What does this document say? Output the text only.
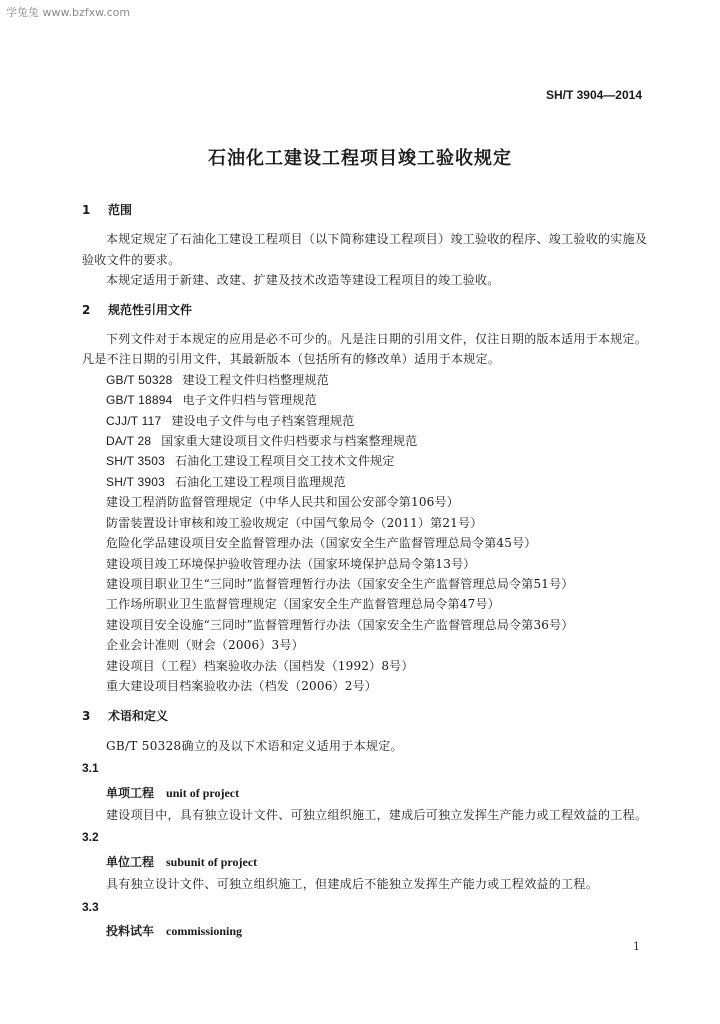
学兔兔 www.bzfxw.com
SH/T 3904—2014
石油化工建设工程项目竣工验收规定
1 范围

本规定规定了石油化工建设工程项目（以下简称建设工程项目）竣工验收的程序、竣工验收的实施及验收文件的要求。

本规定适用于新建、改建、扩建及技术改造等建设工程项目的竣工验收。

2 规范性引用文件

下列文件对于本规定的应用是必不可少的。凡是注日期的引用文件，仅注日期的版本适用于本规定。凡是不注日期的引用文件，其最新版本（包括所有的修改单）适用于本规定。

GB/T 50328 建设工程文件归档整理规范
GB/T 18894 电子文件归档与管理规范
CJJ/T 117 建设电子文件与电子档案管理规范
DA/T 28 国家重大建设项目文件归档要求与档案整理规范
SH/T 3503 石油化工建设工程项目交工技术文件规定
SH/T 3903 石油化工建设工程项目监理规范
建设工程消防监督管理规定（中华人民共和国公安部令第106号）
防雷装置设计审核和竣工验收规定（中国气象局令（2011）第21号）
危险化学品建设项目安全监督管理办法（国家安全生产监督管理总局令第45号）
建设项目竣工环境保护验收管理办法（国家环境保护总局令第13号）
建设项目职业卫生“三同时”监督管理暂行办法（国家安全生产监督管理总局令第51号）
工作场所职业卫生监督管理规定（国家安全生产监督管理总局令第47号）
建设项目安全设施“三同时”监督管理暂行办法（国家安全生产监督管理总局令第36号）
企业会计准则（财会（2006）3号）
建设项目（工程）档案验收办法（国档发（1992）8号）
重大建设项目档案验收办法（档发（2006）2号）
3 术语和定义

GB/T 50328确立的及以下术语和定义适用于本规定。

3.1
单项工程 unit of project

建设项目中，具有独立设计文件、可独立组织施工，建成后可独立发挥生产能力或工程效益的工程。

3.2
单位工程 subunit of project

具有独立设计文件、可独立组织施工，但建成后不能独立发挥生产能力或工程效益的工程。

3.3
投料试车 commissioning
1
